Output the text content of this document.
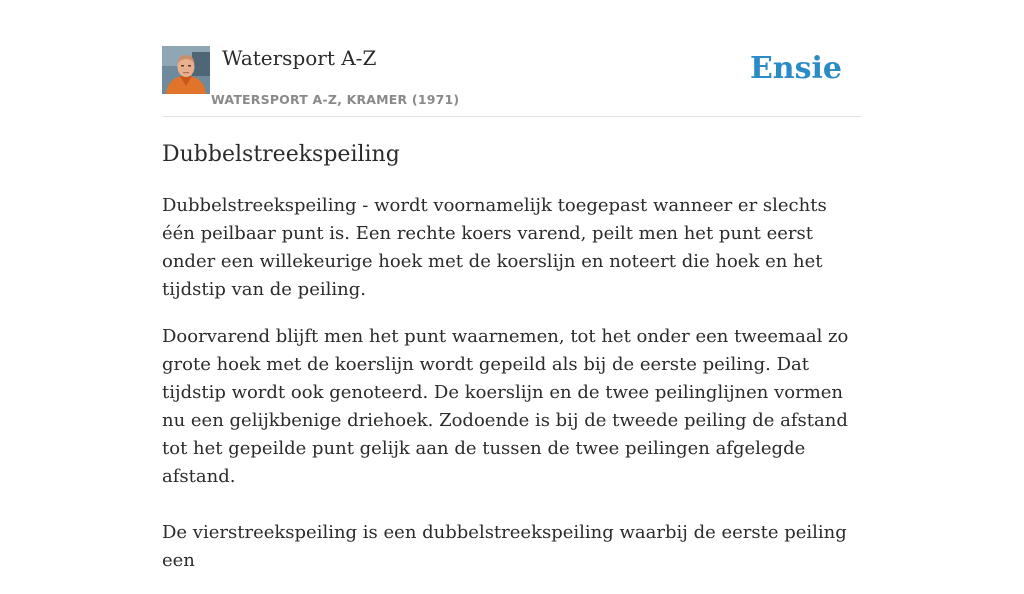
Watersport A-Z
WATERSPORT A-Z, KRAMER (1971)
Ensie
Dubbelstreekspeiling

Dubbelstreekspeiling - wordt voornamelijk toegepast wanneer er slechts één peilbaar punt is. Een rechte koers varend, peilt men het punt eerst onder een willekeurige hoek met de koerslijn en noteert die hoek en het tijdstip van de peiling.

Doorvarend blijft men het punt waarnemen, tot het onder een tweemaal zo grote hoek met de koerslijn wordt gepeild als bij de eerste peiling. Dat tijdstip wordt ook genoteerd. De koerslijn en de twee peilinglijnen vormen nu een gelijkbenige driehoek. Zodoende is bij de tweede peiling de afstand tot het gepeilde punt gelijk aan de tussen de twee peilingen afgelegde afstand.

De vierstreekspeiling is een dubbelstreekspeiling waarbij de eerste peiling een
